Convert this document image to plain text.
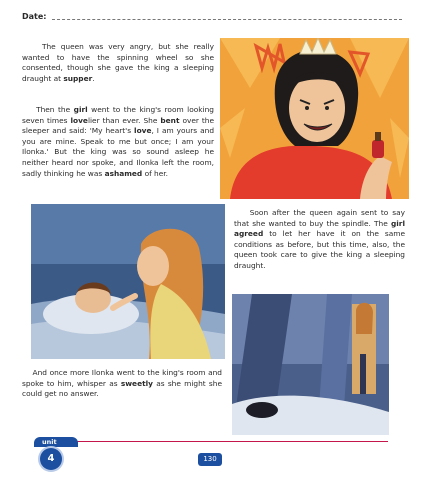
Date:

The queen was very angry, but she really wanted to have the spinning wheel so she consented, though she gave the king a sleeping draught at supper.

Then the girl went to the king's room looking seven times lovelier than ever. She bent over the sleeper and said: 'My heart's love, I am yours and you are mine. Speak to me but once; I am your Ilonka.' But the king was so sound asleep he neither heard nor spoke, and Ilonka left the room, sadly thinking he was ashamed of her.

Soon after the queen again sent to say that she wanted to buy the spindle. The girl agreed to let her have it on the same conditions as before, but this time, also, the queen took care to give the king a sleeping draught.

And once more Ilonka went to the king's room and spoke to him, whisper as sweetly as she might she could get no answer.

unit
4	130
